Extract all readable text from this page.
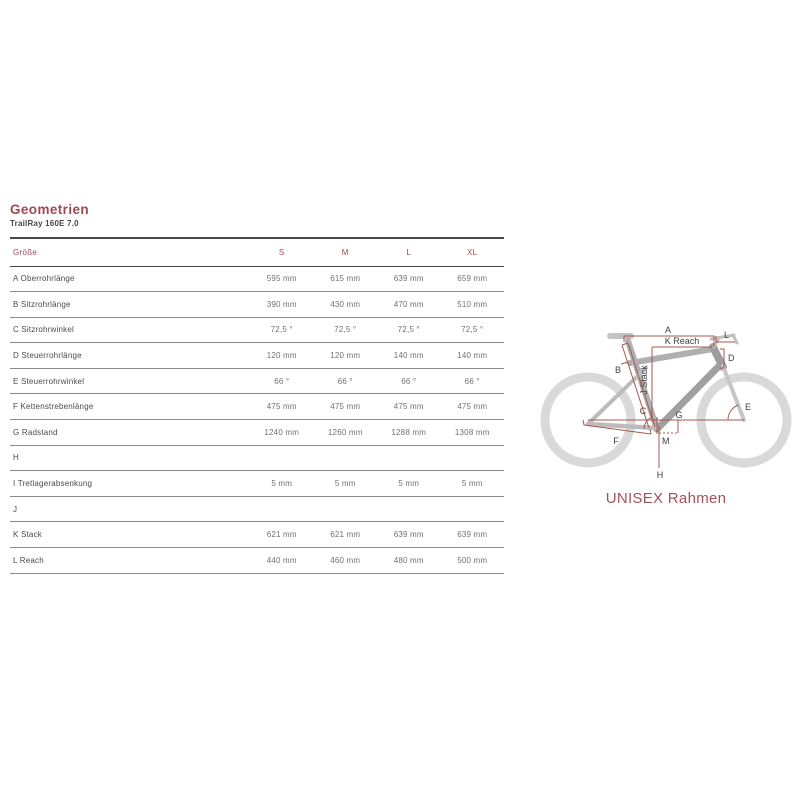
Geometrien
TrailRay 160E 7.0
Größe	S	M	L	XL
A Oberrohrlänge	595 mm	615 mm	639 mm	659 mm
B Sitzrohrlänge	390 mm	430 mm	470 mm	510 mm
C Sitzrohrwinkel	72,5 °	72,5 °	72,5 °	72,5 °
D Steuerrohrlänge	120 mm	120 mm	140 mm	140 mm
E Steuerrohrwinkel	66 °	66 °	66 °	66 °
F Kettenstrebenlänge	475 mm	475 mm	475 mm	475 mm
G Radstand	1240 mm	1260 mm	1288 mm	1308 mm
H				
I Tretlagerabsenkung	5 mm	5 mm	5 mm	5 mm
J				
K Stack	621 mm	621 mm	639 mm	639 mm
L Reach	440 mm	460 mm	480 mm	500 mm
A
K Reach
J Stack
L
D
B
C	E
F
G
H
M
UNISEX Rahmen
